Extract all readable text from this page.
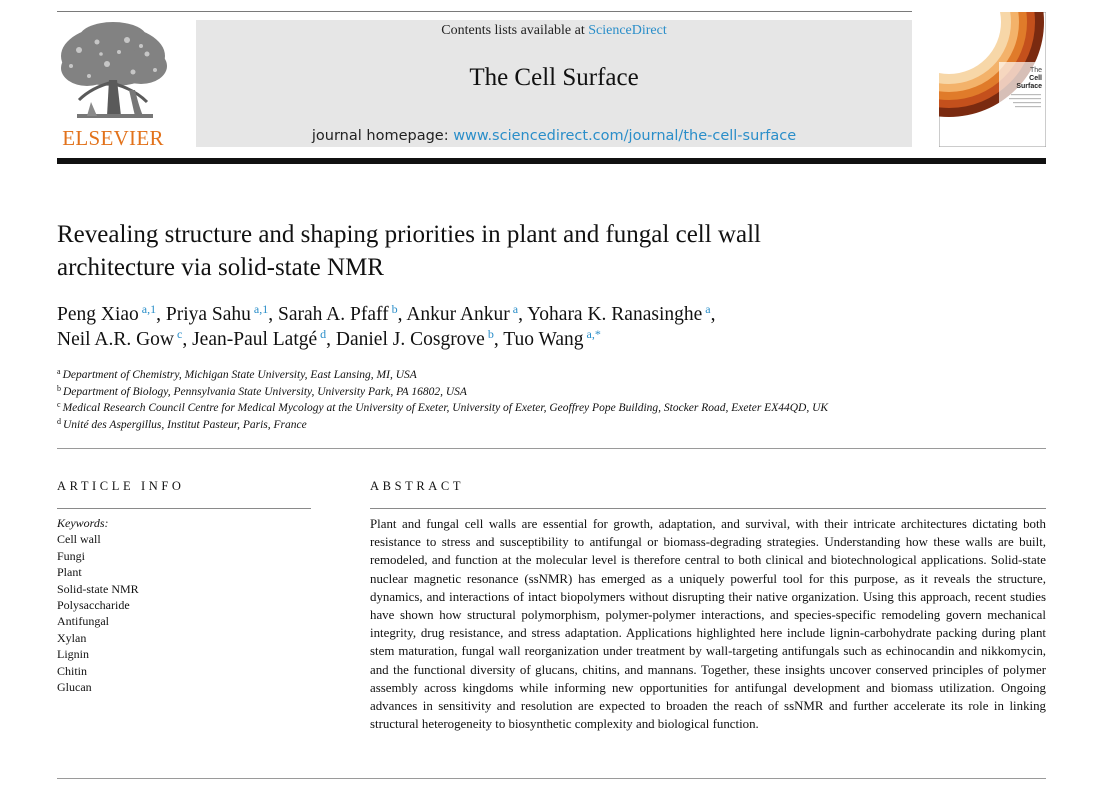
ELSEVIER
Contents lists available at ScienceDirect
The Cell Surface
journal homepage: www.sciencedirect.com/journal/the-cell-surface
The
Cell
Surface
Revealing structure and shaping priorities in plant and fungal cell wall
architecture via solid-state NMR
Peng Xiao $^{a,1}$, Priya Sahu $^{a,1}$, Sarah A. Pfaff $^b$, Ankur Ankur $^a$, Yohara K. Ranasinghe $^a$,
Neil A.R. Gow $^c$, Jean-Paul Latgé $^d$, Daniel J. Cosgrove $^b$, Tuo Wang $^{a,*}$
$^a$ Department of Chemistry, Michigan State University, East Lansing, MI, USA
$^b$ Department of Biology, Pennsylvania State University, University Park, PA 16802, USA
$^c$ Medical Research Council Centre for Medical Mycology at the University of Exeter, University of Exeter, Geoffrey Pope Building, Stocker Road, Exeter EX44QD, UK
$^d$ Unité des Aspergillus, Institut Pasteur, Paris, France
ARTICLE INFO	ABSTRACT
Keywords:
Cell wall
Fungi
Plant
Solid-state NMR
Polysaccharide
Antifungal
Xylan
Lignin
Chitin
Glucan

Plant and fungal cell walls are essential for growth, adaptation, and survival, with their intricate architectures dictating both resistance to stress and susceptibility to antifungal or biomass-degrading strategies. Understanding how these walls are built, remodeled, and function at the molecular level is therefore central to both clinical and biotechnological applications. Solid-state nuclear magnetic resonance (ssNMR) has emerged as a uniquely powerful tool for this purpose, as it reveals the structure, dynamics, and interactions of intact biopolymers without disrupting their native organization. Using this approach, recent studies have shown how structural polymorphism, polymer-polymer interactions, and species-specific remodeling govern mechanical integrity, drug resistance, and stress adaptation. Applications highlighted here include lignin-carbohydrate packing during plant stem maturation, fungal wall reorganization under treatment by wall-targeting antifungals such as echinocandin and nikkomycin, and the functional diversity of glucans, chitins, and mannans. Together, these insights uncover conserved principles of polymer assembly across kingdoms while informing new opportunities for antifungal development and biomass utilization. Ongoing advances in sensitivity and resolution are expected to broaden the reach of ssNMR and further accelerate its role in linking structural heterogeneity to biosynthetic complexity and biological function.
